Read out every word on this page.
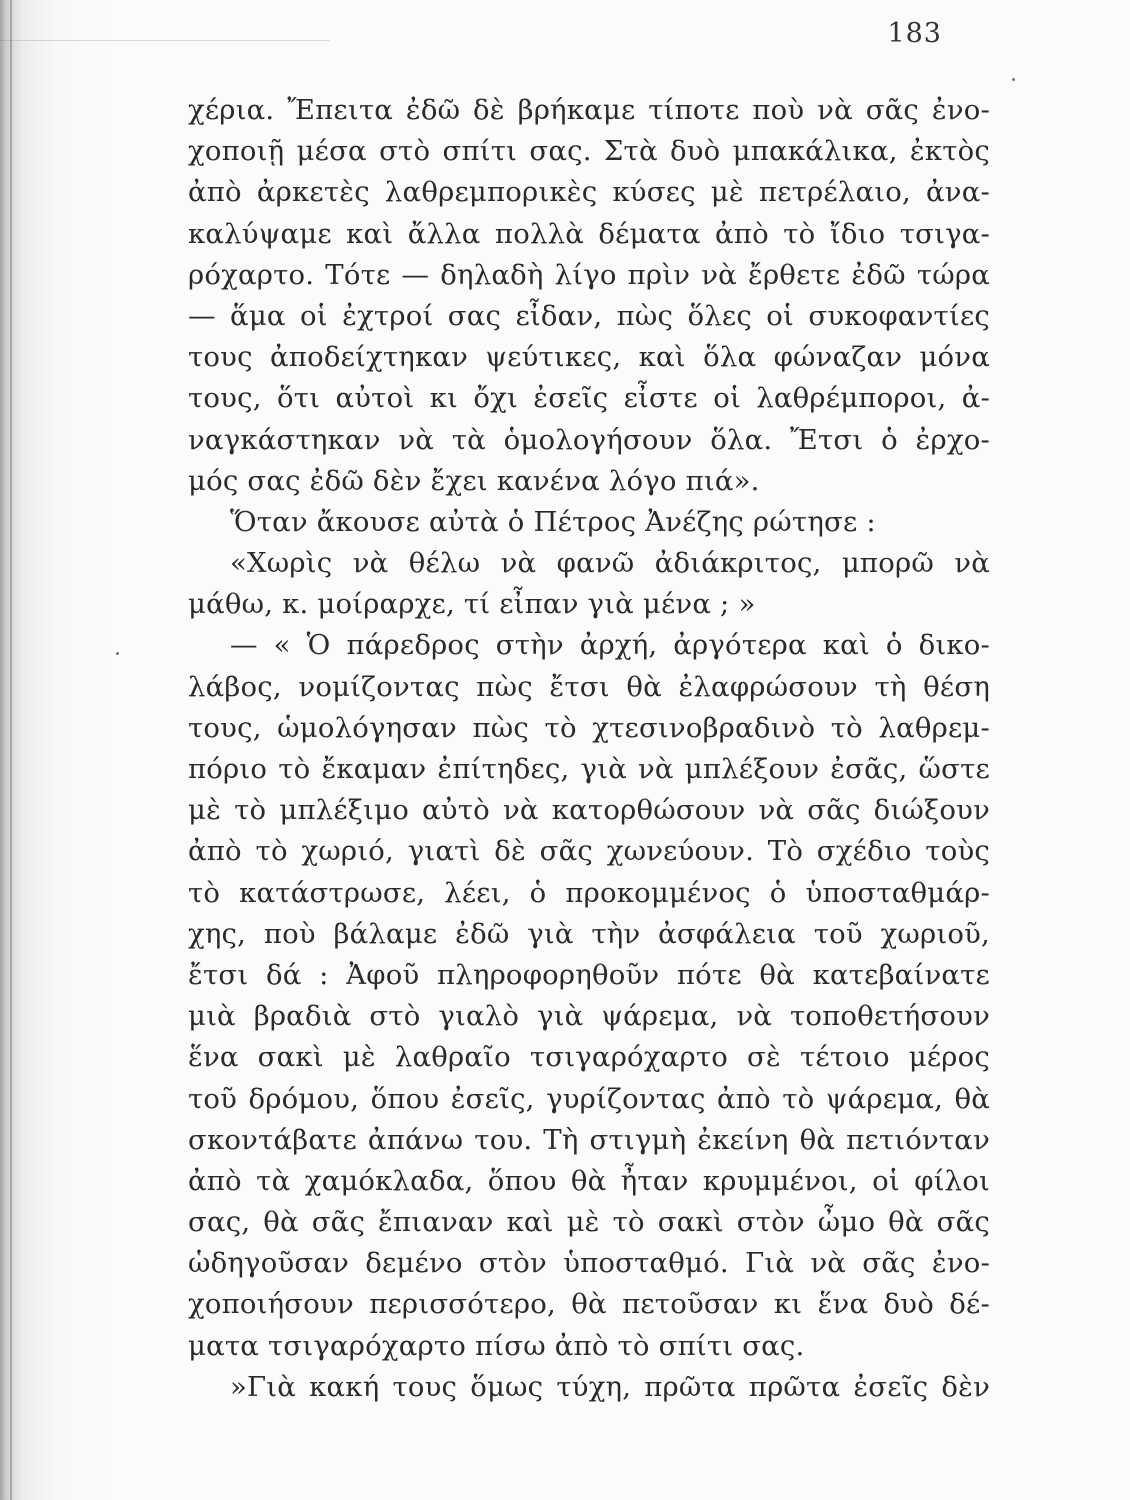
183
χέρια. Ἔπειτα ἐδῶ δὲ βρήκαμε τίποτε ποὺ νὰ σᾶς ἐνο-
χοποιῇ μέσα στὸ σπίτι σας. Στὰ δυὸ μπακάλικα, ἐκτὸς
ἀπὸ ἀρκετὲς λαθρεμπορικὲς κύσες μὲ πετρέλαιο, ἀνα-
καλύψαμε καὶ ἄλλα πολλὰ δέματα ἀπὸ τὸ ἴδιο τσιγα-
ρόχαρτο. Τότε — δηλαδὴ λίγο πρὶν νὰ ἔρθετε ἐδῶ τώρα
— ἅμα οἱ ἐχτροί σας εἶδαν, πὼς ὅλες οἱ συκοφαντίες
τους ἀποδείχτηκαν ψεύτικες, καὶ ὅλα φώναζαν μόνα
τους, ὅτι αὐτοὶ κι ὄχι ἐσεῖς εἶστε οἱ λαθρέμποροι, ἀ-
ναγκάστηκαν νὰ τὰ ὁμολογήσουν ὅλα. Ἔτσι ὁ ἐρχο-
μός σας ἐδῶ δὲν ἔχει κανένα λόγο πιά».
Ὅταν ἄκουσε αὐτὰ ὁ Πέτρος Ἀνέζης ρώτησε :
«Χωρὶς νὰ θέλω νὰ φανῶ ἀδιάκριτος, μπορῶ νὰ
μάθω, κ. μοίραρχε, τί εἶπαν γιὰ μένα ; »
— « Ὁ πάρεδρος στὴν ἀρχή, ἀργότερα καὶ ὁ δικο-
λάβος, νομίζοντας πὼς ἔτσι θὰ ἐλαφρώσουν τὴ θέση
τους, ὡμολόγησαν πὼς τὸ χτεσινοβραδινὸ τὸ λαθρεμ-
πόριο τὸ ἔκαμαν ἐπίτηδες, γιὰ νὰ μπλέξουν ἐσᾶς, ὥστε
μὲ τὸ μπλέξιμο αὐτὸ νὰ κατορθώσουν νὰ σᾶς διώξουν
ἀπὸ τὸ χωριό, γιατὶ δὲ σᾶς χωνεύουν. Τὸ σχέδιο τοὺς
τὸ κατάστρωσε, λέει, ὁ προκομμένος ὁ ὑποσταθμάρ-
χης, ποὺ βάλαμε ἐδῶ γιὰ τὴν ἀσφάλεια τοῦ χωριοῦ,
ἔτσι δά : Ἀφοῦ πληροφορηθοῦν πότε θὰ κατεβαίνατε
μιὰ βραδιὰ στὸ γιαλὸ γιὰ ψάρεμα, νὰ τοποθετήσουν
ἕνα σακὶ μὲ λαθραῖο τσιγαρόχαρτο σὲ τέτοιο μέρος
τοῦ δρόμου, ὅπου ἐσεῖς, γυρίζοντας ἀπὸ τὸ ψάρεμα, θὰ
σκοντάβατε ἀπάνω του. Τὴ στιγμὴ ἐκείνη θὰ πετιόνταν
ἀπὸ τὰ χαμόκλαδα, ὅπου θὰ ἦταν κρυμμένοι, οἱ φίλοι
σας, θὰ σᾶς ἔπιαναν καὶ μὲ τὸ σακὶ στὸν ὦμο θὰ σᾶς
ὡδηγοῦσαν δεμένο στὸν ὑποσταθμό. Γιὰ νὰ σᾶς ἐνο-
χοποιήσουν περισσότερο, θὰ πετοῦσαν κι ἕνα δυὸ δέ-
ματα τσιγαρόχαρτο πίσω ἀπὸ τὸ σπίτι σας.
»Γιὰ κακή τους ὅμως τύχη, πρῶτα πρῶτα ἐσεῖς δὲν
